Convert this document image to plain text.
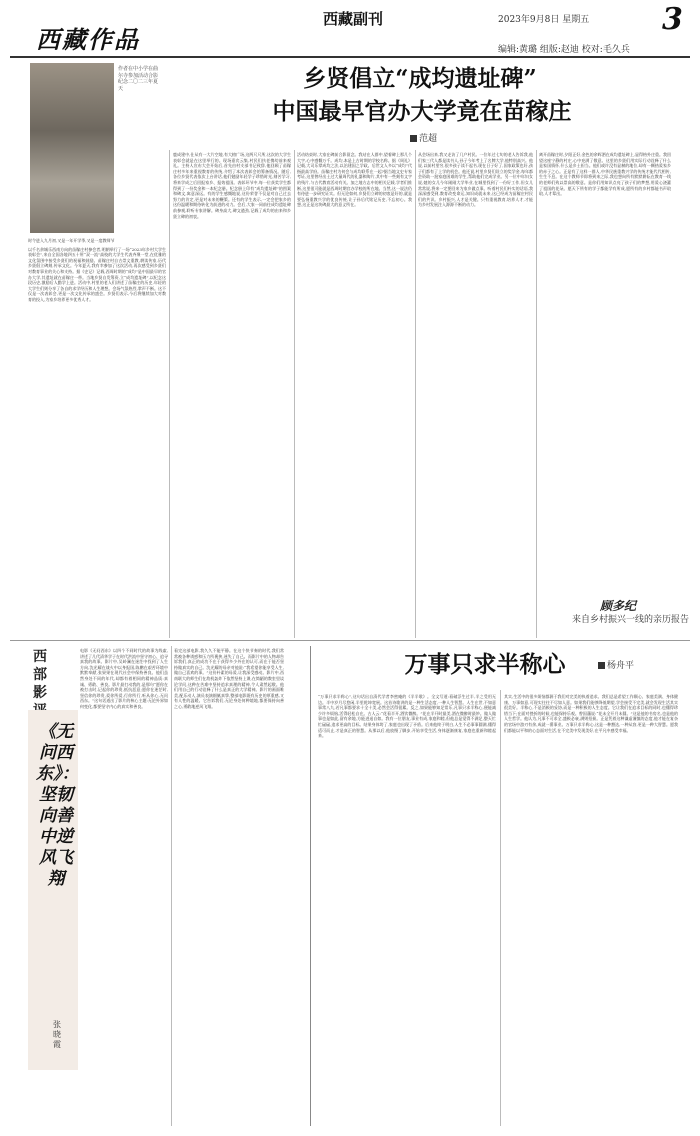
西藏作品
西藏副刊	2023年9月8日 星期五 3
编辑:黄璐 组版:赵迪 校对:毛久兵
作者在中小学在曲尔寺参加活动合影纪念二〇二三年夏天	乡贤倡立“成均遗址碑”
中国最早官办大学竟在苗稼庄
范超
时令进入九月初,又是一年开学季,又是一度教师节
以千名余城乐西南方向的苗稼庄村参会者,明朝举行了一场“2023年乡村大学生表彰会”,来自全国各地四五十所“双一流”高校的大学生代表齐聚一堂,在优雅的文化氛围中接受乡贤们的祝福和鼓励。苗稼庄村自古崇文重教,耕读传家,历代乡贤倡立碑刻,传承文化。今年夏天,我有幸参加了这次活动,再次感受到乡贤们对教育事业的关心和支持。据《史记》记载,西周时期的“成均”是中国最早的官办大学,其遗址就在苗稼庄一带。当地乡贤自发筹资,立“成均遗址碑”,以纪念这段历史,激励后人勤学上进。活动中,村里的老人们讲述了苗稼庄的历史,年轻的大学生们则分享了各自的求学经历和人生理想。会场气氛热烈,掌声不断。这不仅是一次表彰会,更是一次文化传承的盛会。乡贤们表示,今后将继续加大对教育的投入,为家乡培养更多优秀人才。
鹿成建中,仕从有一大片空地,有大榕广场,这两尺尺所,这次的大学生表彰会就是在这里举行的。现场嘉宾云集,村民们扶老携幼前来观礼。主持人宣布大会开始后,首先由村支部书记致辞,他回顾了苗稼庄村多年来重视教育的传统,介绍了本次表彰会的筹备情况。随后,各位乡贤代表依次上台讲话,他们勉励年轻学子珍惜时光,刻苦学习,将来学成之后回报家乡、报效祖国。表彰环节中,每一位获奖学生都得到了一份奖金和一本纪念册。纪念册上印有“成均遗址碑”的图案和碑文,寓意深远。有的学生感慨地说,这份荣誉不仅是对自己过去努力的肯定,更是对未来的鞭策。还有的学生表示,一定会把家乡的这份温暖和期待转化为前进的动力。会后,大家一同前往成均遗址碑前参观,聆听专家讲解。碑身高大,碑文遒劲,记载了成均的由来和乡贤立碑的初衷。
活动结束时,大家在碑前合影留念。我站在人群中,望着碑上那几个大字,心中感慨万千。成均,本是上古时期的学校名称。据《周礼》记载,大司乐掌成均之法,以治建国之学政。后世文人多以“成均”代指最高学府。苗稼庄村为何会与成均联系在一起?据当地文史专家考证,这里曾经出土过大量周代的礼器和陶片,其中有一些刻有文字的残片,与古代教育活动有关。加之地方志中的相关记载,学者们推断,这里很可能就是西周时期官办学校的所在地。当然,这一说法仍有待进一步研究证实。但无论如何,乡贤们立碑的初衷是好的,就是要弘扬重教兴学的优良传统,让子孙后代铭记历史,不忘初心。我想,这正是这块碑最大的意义所在。
从会场出来,我又走访了几户村民。一位年过七旬的老人告诉我,他们家三代人都是读书人,孙子今年考上了名牌大学,他特别高兴。他说,以前村里穷,很多孩子读不起书,现在日子好了,国家政策也好,孩子们都有了上学的机会。他还说,村里乡贤们设立的奖学金,每年都会资助一批家庭困难的学生,帮助他们完成学业。另一位中年妇女说,她的女儿今年刚刚大学毕业,在城里找到了一份好工作,但女儿常常说,将来一定要回来为家乡做点事。听着村民们朴实的话语,我深深感受到,教育改变命运,知识成就未来,这已经成为苗稼庄村民们的共识。乡村振兴,人才是关键。只有重视教育,培养人才,才能为乡村发展注入源源不断的动力。
离开苗稼庄时,夕阳正好,金色的余晖洒在成均遗址碑上,显得格外庄重。我回望这座宁静的村庄,心中充满了敬意。这里的乡贤们用实际行动诠释了什么是家国情怀,什么是乡土担当。他们或许没有显赫的地位,却有一颗热爱家乡的赤子之心。正是有了这样一群人,中华民族重教兴学的传统才能代代相传,生生不息。在这个教师节即将到来之际,我也想向所有默默耕耘在教育一线的老师们致以崇高的敬意。是你们用知识点亮了孩子们的梦想,用爱心浇灌了祖国的花朵。愿天下所有的学子都能学有所成,愿所有的乡村都能书声琅琅,人才辈出。
顾多纪
来自乡村振兴一线的亲历报告
西部影
《无问西东》：坚韧向善中逆风飞翔
张晓霞
电影《无问西东》以四个不同时代的故事为线索,讲述了几代清华学子在时代洪流中坚守初心、追寻真我的故事。影片中,吴岭澜在迷茫中找到了人生方向,沈光耀在战火中以身报国,陈鹏在艰苦环境中默默奉献,张果果在现代社会中保持善良。他们虽然身处不同的年代,却都有着相同的精神品质:真诚、勇敢、善良。影片最打动我的,是那句“愿你在被打击时,记起你的珍贵,抵抗恶意;愿你在迷茫时,坚信你的珍贵,爱你所爱,行你所行,听从你心,无问西东。”这句话道出了影片的核心主题:无论外界如何变化,都要坚守内心的真实和善良。
看完这部电影,我久久不能平静。在这个快节奏的时代,我们常常被各种诱惑和压力所裹挟,迷失了自己。而影片中的人物却告诉我们,真正的成功不在于获得多少外在的认可,而在于能否坚持做真实的自己。沈光耀的母亲对他说:“我希望你能享受人生,做自己喜欢的事。”这份朴素的母爱,让我深受感动。影片中,西南联大的师生们在敌机轰炸下依然坚持上课,在简陋的教室里谈论学问,这种在苦难中坚持追求真理的精神,令人肃然起敬。他们用自己的行动诠释了什么是真正的大学精神。影片的画面唯美,配乐动人,演员表演细腻真挚,整部电影既有历史的厚重感,又有人性的温暖。它告诉我们,无论身处何种境地,都要保持向善之心,勇敢地逆风飞翔。
万事只求半称心	杨舟平
“万事只求半称心”,这句话出自清代学者李密庵的《半半歌》。全文写道:看破浮生过半,半之受用无边。半中岁月尽悠闲,半里乾坤宽展。这首诗歌讲的是一种生活态度,一种人生智慧。人生在世,不如意事常八九,若凡事都要求十全十美,必然会活得很累。反之,如果能够知足常乐,凡事只求半称心,便能减少许多烦恼,活得轻松自在。古人云:“花看半开,酒饮微醉。”花在半开时最美,酒在微醉时最妙。做人做事也是如此,留有余地,方能进退自如。我有一位朋友,事业有成,家庭和睦,但他总是觉得不满足,整天忙忙碌碌,追求更高的目标。结果身体垮了,家庭也出现了矛盾。后来他终于明白,人生不必事事圆满,懂得适可而止,才是真正的智慧。从那以后,他放慢了脚步,开始享受生活,身体逐渐康复,家庭也重新和睦起来。
其实,生活中的很多烦恼都源于我们对完美的执着追求。我们总是希望工作顺心、家庭美满、身体健康、万事如意,可现实往往不尽如人意。如果我们能够降低期望,学会接受不完美,就会发现生活其实很美好。半称心,不是消极的妥协,而是一种积极的人生态度。它让我们在追求目标的同时,也懂得珍惜当下;在面对挫折的时候,也能保持乐观。曾国藩说:“花未全开月未圆。”这是他的书房名,也是他的人生哲学。他认为,凡事不可求全,盛极必衰,满则招损。正是凭着这种谦虚谨慎的态度,他才能在复杂的官场中游刃有余,成就一番事业。万事只求半称心,这是一种豁达,一种从容,更是一种大智慧。愿我们都能以平和的心态面对生活,在不完美中发现美好,在平凡中感受幸福。
